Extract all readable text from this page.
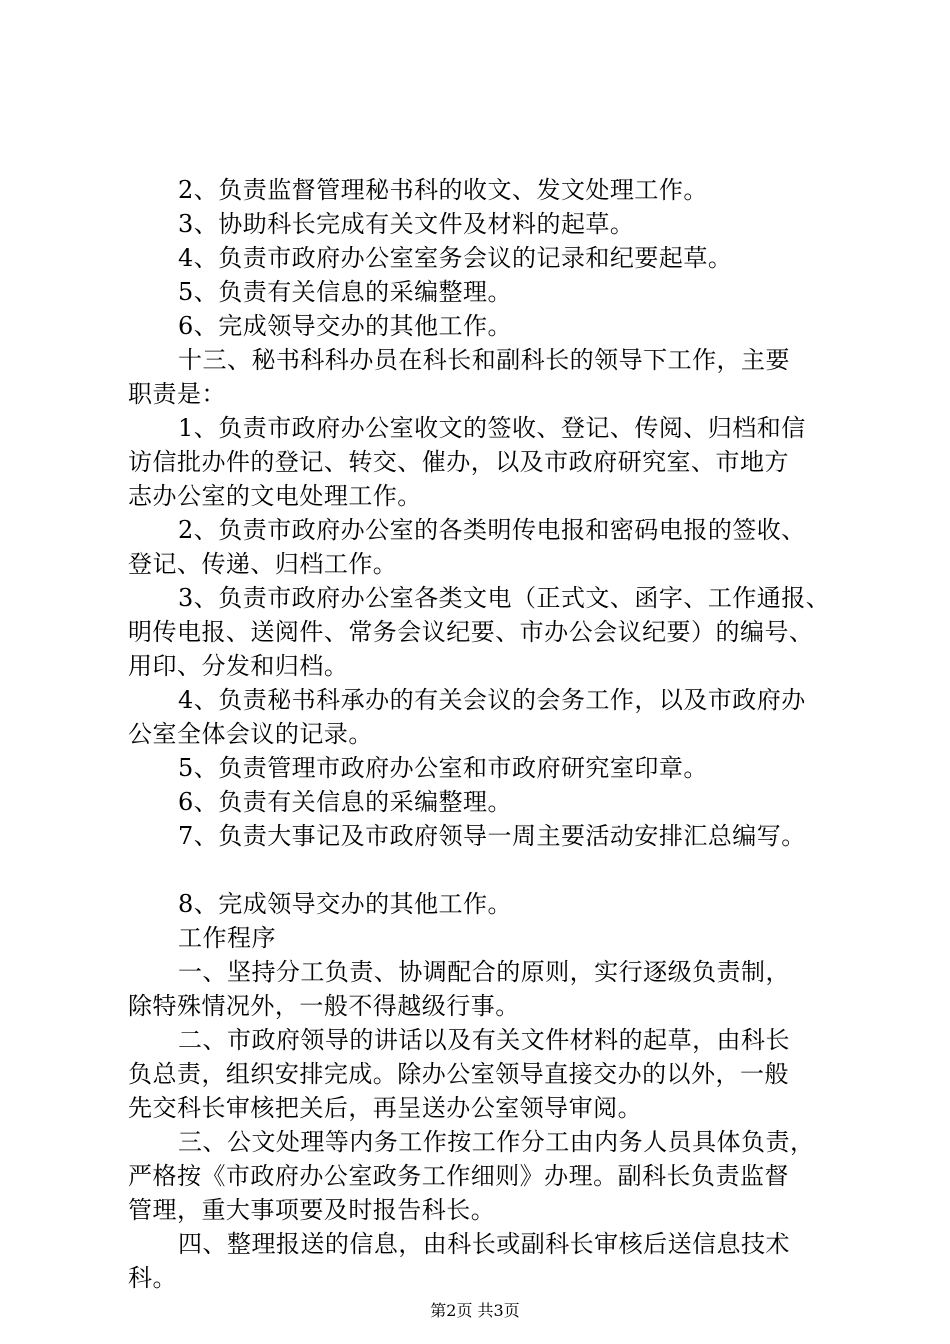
2、负责监督管理秘书科的收文、发文处理工作。
3、协助科长完成有关文件及材料的起草。
4、负责市政府办公室室务会议的记录和纪要起草。
5、负责有关信息的采编整理。
6、完成领导交办的其他工作。
十三、秘书科科办员在科长和副科长的领导下工作，主要
职责是：
1、负责市政府办公室收文的签收、登记、传阅、归档和信
访信批办件的登记、转交、催办，以及市政府研究室、市地方
志办公室的文电处理工作。
2、负责市政府办公室的各类明传电报和密码电报的签收、
登记、传递、归档工作。
3、负责市政府办公室各类文电（正式文、函字、工作通报、
明传电报、送阅件、常务会议纪要、市办公会议纪要）的编号、
用印、分发和归档。
4、负责秘书科承办的有关会议的会务工作，以及市政府办
公室全体会议的记录。
5、负责管理市政府办公室和市政府研究室印章。
6、负责有关信息的采编整理。
7、负责大事记及市政府领导一周主要活动安排汇总编写。
8、完成领导交办的其他工作。
工作程序
一、坚持分工负责、协调配合的原则，实行逐级负责制，
除特殊情况外，一般不得越级行事。
二、市政府领导的讲话以及有关文件材料的起草，由科长
负总责，组织安排完成。除办公室领导直接交办的以外，一般
先交科长审核把关后，再呈送办公室领导审阅。
三、公文处理等内务工作按工作分工由内务人员具体负责，
严格按《市政府办公室政务工作细则》办理。副科长负责监督
管理，重大事项要及时报告科长。
四、整理报送的信息，由科长或副科长审核后送信息技术
科。
第2页 共3页
